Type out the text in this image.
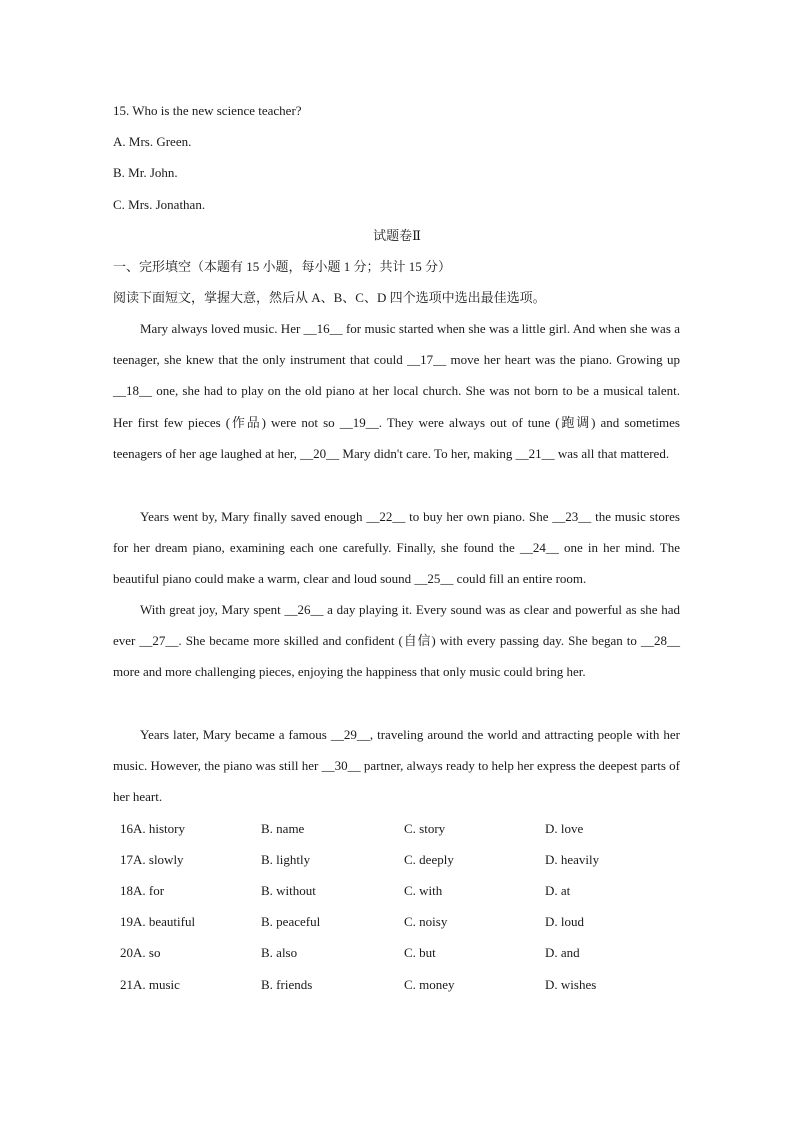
15. Who is the new science teacher?
A. Mrs. Green.
B. Mr. John.
C. Mrs. Jonathan.
试题卷Ⅱ
一、完形填空（本题有 15 小题，每小题 1 分；共计 15 分）
阅读下面短文，掌握大意，然后从 A、B、C、D 四个选项中选出最佳选项。
Mary always loved music. Her __16__ for music started when she was a little girl. And when she was a teenager, she knew that the only instrument that could __17__ move her heart was the piano. Growing up __18__ one, she had to play on the old piano at her local church. She was not born to be a musical talent. Her first few pieces (作品) were not so __19__. They were always out of tune (跑调) and sometimes teenagers of her age laughed at her, __20__ Mary didn't care. To her, making __21__ was all that mattered.
Years went by, Mary finally saved enough __22__ to buy her own piano. She __23__ the music stores for her dream piano, examining each one carefully. Finally, she found the __24__ one in her mind. The beautiful piano could make a warm, clear and loud sound __25__ could fill an entire room.
With great joy, Mary spent __26__ a day playing it. Every sound was as clear and powerful as she had ever __27__. She became more skilled and confident (自信) with every passing day. She began to __28__ more and more challenging pieces, enjoying the happiness that only music could bring her.
Years later, Mary became a famous __29__, traveling around the world and attracting people with her music. However, the piano was still her __30__ partner, always ready to help her express the deepest parts of her heart.
16A. history	B. name	C. story	D. love
17A. slowly	B. lightly	C. deeply	D. heavily
18A. for	B. without	C. with	D. at
19A. beautiful	B. peaceful	C. noisy	D. loud
20A. so	B. also	C. but	D. and
21A. music	B. friends	C. money	D. wishes
